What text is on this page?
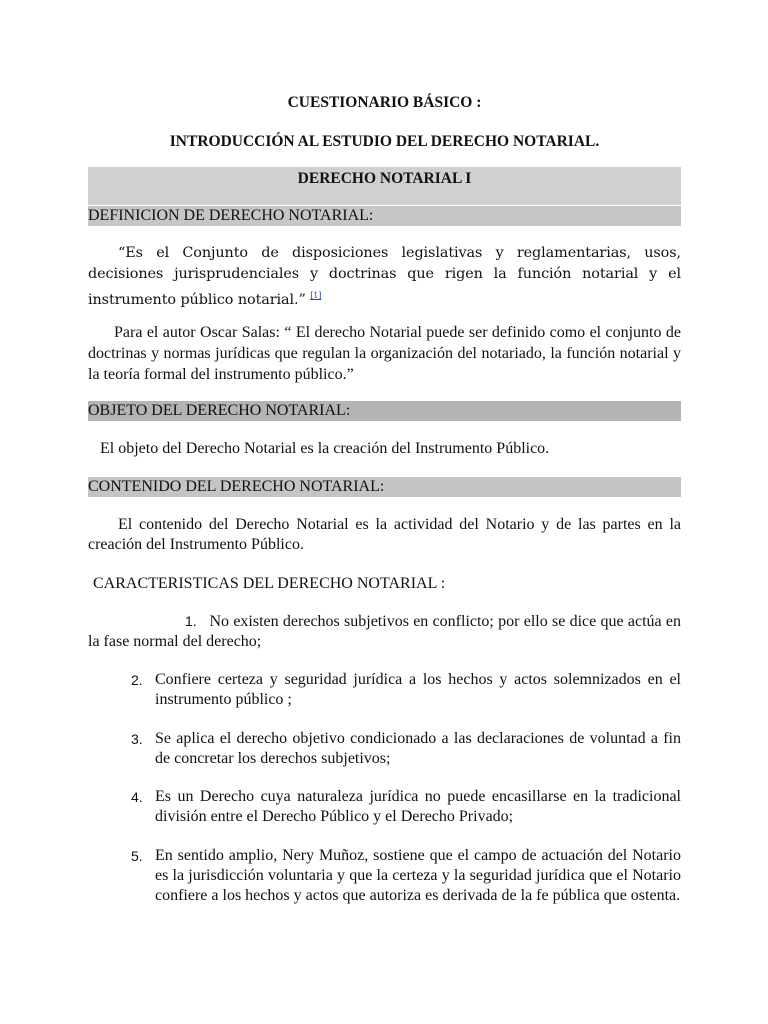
CUESTIONARIO BÁSICO :
INTRODUCCIÓN AL ESTUDIO DEL DERECHO NOTARIAL.
DERECHO NOTARIAL I
DEFINICION DE DERECHO NOTARIAL:
“Es el Conjunto de disposiciones legislativas y reglamentarias, usos, decisiones jurisprudenciales y doctrinas que rigen la función notarial y el instrumento público notarial.” [1]
Para el autor Oscar Salas: “ El derecho Notarial puede ser definido como el conjunto de doctrinas y normas jurídicas que regulan la organización del notariado, la función notarial y la teoría formal del instrumento público.”
OBJETO DEL DERECHO NOTARIAL:
El objeto del Derecho Notarial es la creación del Instrumento Público.
CONTENIDO DEL DERECHO NOTARIAL:
El contenido del Derecho Notarial es la actividad del Notario y de las partes en la creación del Instrumento Público.
CARACTERISTICAS DEL DERECHO NOTARIAL :
1. No existen derechos subjetivos en conflicto; por ello se dice que actúa en la fase normal del derecho;
2. Confiere certeza y seguridad jurídica a los hechos y actos solemnizados en el instrumento público ;
3. Se aplica el derecho objetivo condicionado a las declaraciones de voluntad a fin de concretar los derechos subjetivos;
4. Es un Derecho cuya naturaleza jurídica no puede encasillarse en la tradicional división entre el Derecho Público y el Derecho Privado;
5. En sentido amplio, Nery Muñoz, sostiene que el campo de actuación del Notario es la jurisdicción voluntaria y que la certeza y la seguridad jurídica que el Notario confiere a los hechos y actos que autoriza es derivada de la fe pública que ostenta.
